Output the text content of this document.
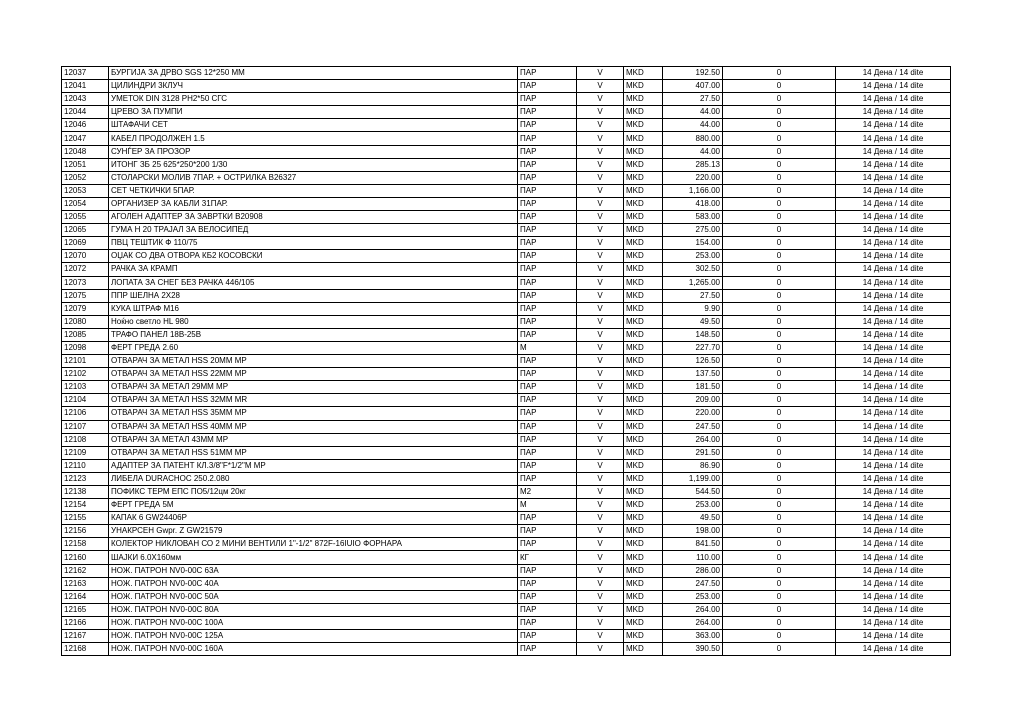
12037	БУРГИЈА ЗА ДРВО SGS 12*250 ММ	ПАР	V	MKD	192.50	0	14 Дена / 14 dite
12041	ЦИЛИНДРИ 3КЛУЧ	ПАР	V	MKD	407.00	0	14 Дена / 14 dite
12043	УМЕТОК DIN 3128 PH2*50 СГС	ПАР	V	MKD	27.50	0	14 Дена / 14 dite
12044	ЦРЕВО ЗА ПУМПИ	ПАР	V	MKD	44.00	0	14 Дена / 14 dite
12046	ШТАФАЧИ СЕТ	ПАР	V	MKD	44.00	0	14 Дена / 14 dite
12047	КАБЕЛ ПРОДОЛЖЕН 1.5	ПАР	V	MKD	880.00	0	14 Дена / 14 dite
12048	СУНЃЕР ЗА ПРОЗОР	ПАР	V	MKD	44.00	0	14 Дена / 14 dite
12051	ИТОНГ ЗБ 25 625*250*200 1/30	ПАР	V	MKD	285.13	0	14 Дена / 14 dite
12052	СТОЛАРСКИ МОЛИВ 7ПАР. + ОСТРИЛКА B26327	ПАР	V	MKD	220.00	0	14 Дена / 14 dite
12053	СЕТ ЧЕТКИЧКИ 5ПАР.	ПАР	V	MKD	1,166.00	0	14 Дена / 14 dite
12054	ОРГАНИЗЕР ЗА КАБЛИ 31ПАР.	ПАР	V	MKD	418.00	0	14 Дена / 14 dite
12055	АГОЛЕН АДАПТЕР ЗА ЗАВРТКИ B20908	ПАР	V	MKD	583.00	0	14 Дена / 14 dite
12065	ГУМА Н 20 ТРАЈАЛ ЗА ВЕЛОСИПЕД	ПАР	V	MKD	275.00	0	14 Дена / 14 dite
12069	ПВЦ ТЕШТИК Ф 110/75	ПАР	V	MKD	154.00	0	14 Дена / 14 dite
12070	ОЏАК СО ДВА ОТВОРА КБ2 КОСОВСКИ	ПАР	V	MKD	253.00	0	14 Дена / 14 dite
12072	РАЧКА ЗА КРАМП	ПАР	V	MKD	302.50	0	14 Дена / 14 dite
12073	ЛОПАТА ЗА СНЕГ БЕЗ РАЧКА 446/105	ПАР	V	MKD	1,265.00	0	14 Дена / 14 dite
12075	ППР ШЕЛНА 2Х28	ПАР	V	MKD	27.50	0	14 Дена / 14 dite
12079	КУКА ШТРАФ М16	ПАР	V	MKD	9.90	0	14 Дена / 14 dite
12080	Ноќно светло HL 980	ПАР	V	MKD	49.50	0	14 Дена / 14 dite
12085	ТРАФО ПАНЕЛ 18В-25В	ПАР	V	MKD	148.50	0	14 Дена / 14 dite
12098	ФЕРТ ГРЕДА 2.60	М	V	MKD	227.70	0	14 Дена / 14 dite
12101	ОТВАРАЧ ЗА МЕТАЛ HSS 20ММ МР	ПАР	V	MKD	126.50	0	14 Дена / 14 dite
12102	ОТВАРАЧ ЗА МЕТАЛ HSS 22ММ МР	ПАР	V	MKD	137.50	0	14 Дена / 14 dite
12103	ОТВАРАЧ ЗА МЕТАЛ 29ММ МР	ПАР	V	MKD	181.50	0	14 Дена / 14 dite
12104	ОТВАРАЧ ЗА МЕТАЛ HSS 32ММ МR	ПАР	V	MKD	209.00	0	14 Дена / 14 dite
12106	ОТВАРАЧ ЗА МЕТАЛ HSS 35ММ МР	ПАР	V	MKD	220.00	0	14 Дена / 14 dite
12107	ОТВАРАЧ ЗА МЕТАЛ HSS 40ММ МР	ПАР	V	MKD	247.50	0	14 Дена / 14 dite
12108	ОТВАРАЧ ЗА МЕТАЛ 43ММ МР	ПАР	V	MKD	264.00	0	14 Дена / 14 dite
12109	ОТВАРАЧ ЗА МЕТАЛ HSS 51ММ МР	ПАР	V	MKD	291.50	0	14 Дена / 14 dite
12110	АДАПТЕР ЗА ПАТЕНТ КЛ.3/8"F*1/2"М МР	ПАР	V	MKD	86.90	0	14 Дена / 14 dite
12123	ЛИБЕЛА DURACHOC 250.2.080	ПАР	V	MKD	1,199.00	0	14 Дена / 14 dite
12138	ПОФИКС ТЕРМ ЕПС ПО5/12цм 20кг	М2	V	MKD	544.50	0	14 Дена / 14 dite
12154	ФЕРТ ГРЕДА 5М	М	V	MKD	253.00	0	14 Дена / 14 dite
12155	КАПАК 6 GW24406P	ПАР	V	MKD	49.50	0	14 Дена / 14 dite
12156	УНАКРСЕН Gwpr. Z GW21579	ПАР	V	MKD	198.00	0	14 Дена / 14 dite
12158	КОЛЕКТОР НИКЛОВАН СО 2 МИНИ ВЕНТИЛИ 1"-1/2" 872F-16IUIO ФОРНАРА	ПАР	V	MKD	841.50	0	14 Дена / 14 dite
12160	ШАЈКИ 6.0Х160мм	КГ	V	MKD	110.00	0	14 Дена / 14 dite
12162	НОЖ. ПАТРОН NV0-00C 63A	ПАР	V	MKD	286.00	0	14 Дена / 14 dite
12163	НОЖ. ПАТРОН NV0-00C 40A	ПАР	V	MKD	247.50	0	14 Дена / 14 dite
12164	НОЖ. ПАТРОН NV0-00C 50A	ПАР	V	MKD	253.00	0	14 Дена / 14 dite
12165	НОЖ. ПАТРОН NV0-00C 80A	ПАР	V	MKD	264.00	0	14 Дена / 14 dite
12166	НОЖ. ПАТРОН NV0-00C 100A	ПАР	V	MKD	264.00	0	14 Дена / 14 dite
12167	НОЖ. ПАТРОН NV0-00C 125A	ПАР	V	MKD	363.00	0	14 Дена / 14 dite
12168	НОЖ. ПАТРОН NV0-00C 160A	ПАР	V	MKD	390.50	0	14 Дена / 14 dite
